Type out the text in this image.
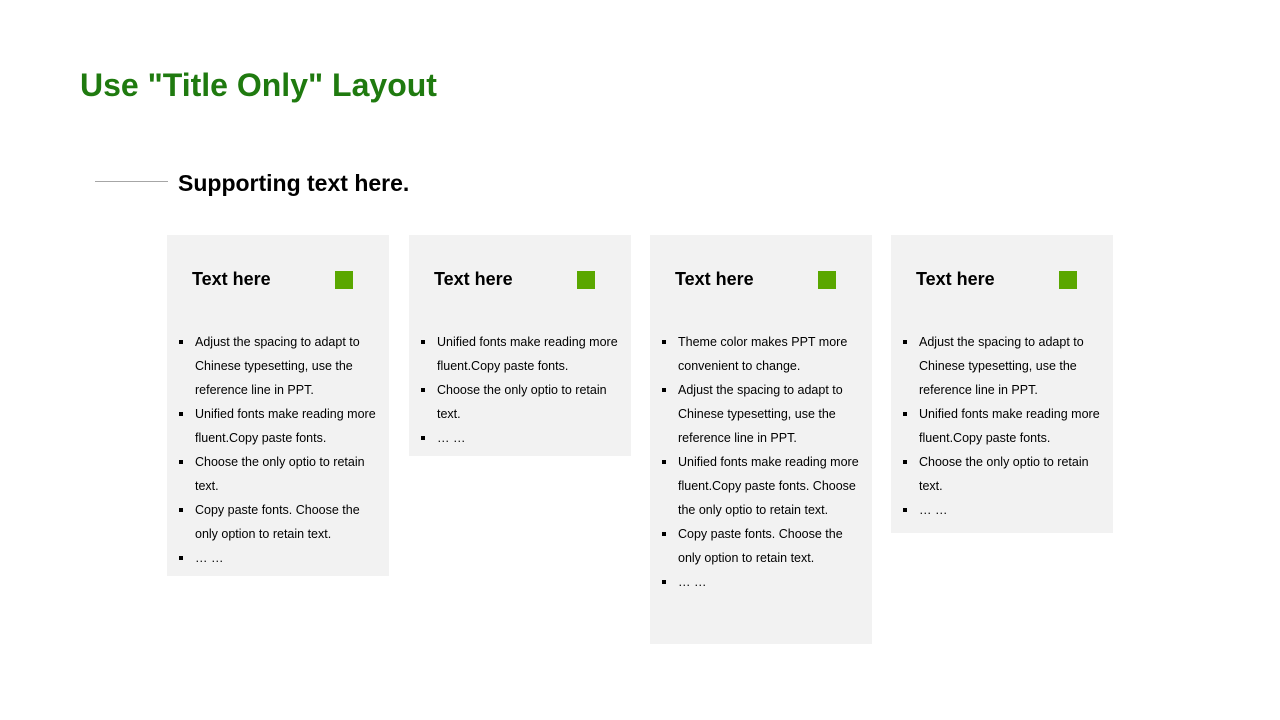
Use "Title Only" Layout
Supporting text here.
Text here
Adjust the spacing to adapt to Chinese typesetting, use the reference line in PPT.
Unified fonts make reading more fluent.Copy paste fonts.
Choose the only optio to retain text.
Copy paste fonts. Choose the only option to retain text.
… …
Text here
Unified fonts make reading more fluent.Copy paste fonts.
Choose the only optio to retain text.
… …
Text here
Theme color makes PPT more convenient to change.
Adjust the spacing to adapt to Chinese typesetting, use the reference line in PPT.
Unified fonts make reading more fluent.Copy paste fonts. Choose the only optio to retain text.
Copy paste fonts. Choose the only option to retain text.
… …
Text here
Adjust the spacing to adapt to Chinese typesetting, use the reference line in PPT.
Unified fonts make reading more fluent.Copy paste fonts.
Choose the only optio to retain text.
… …
